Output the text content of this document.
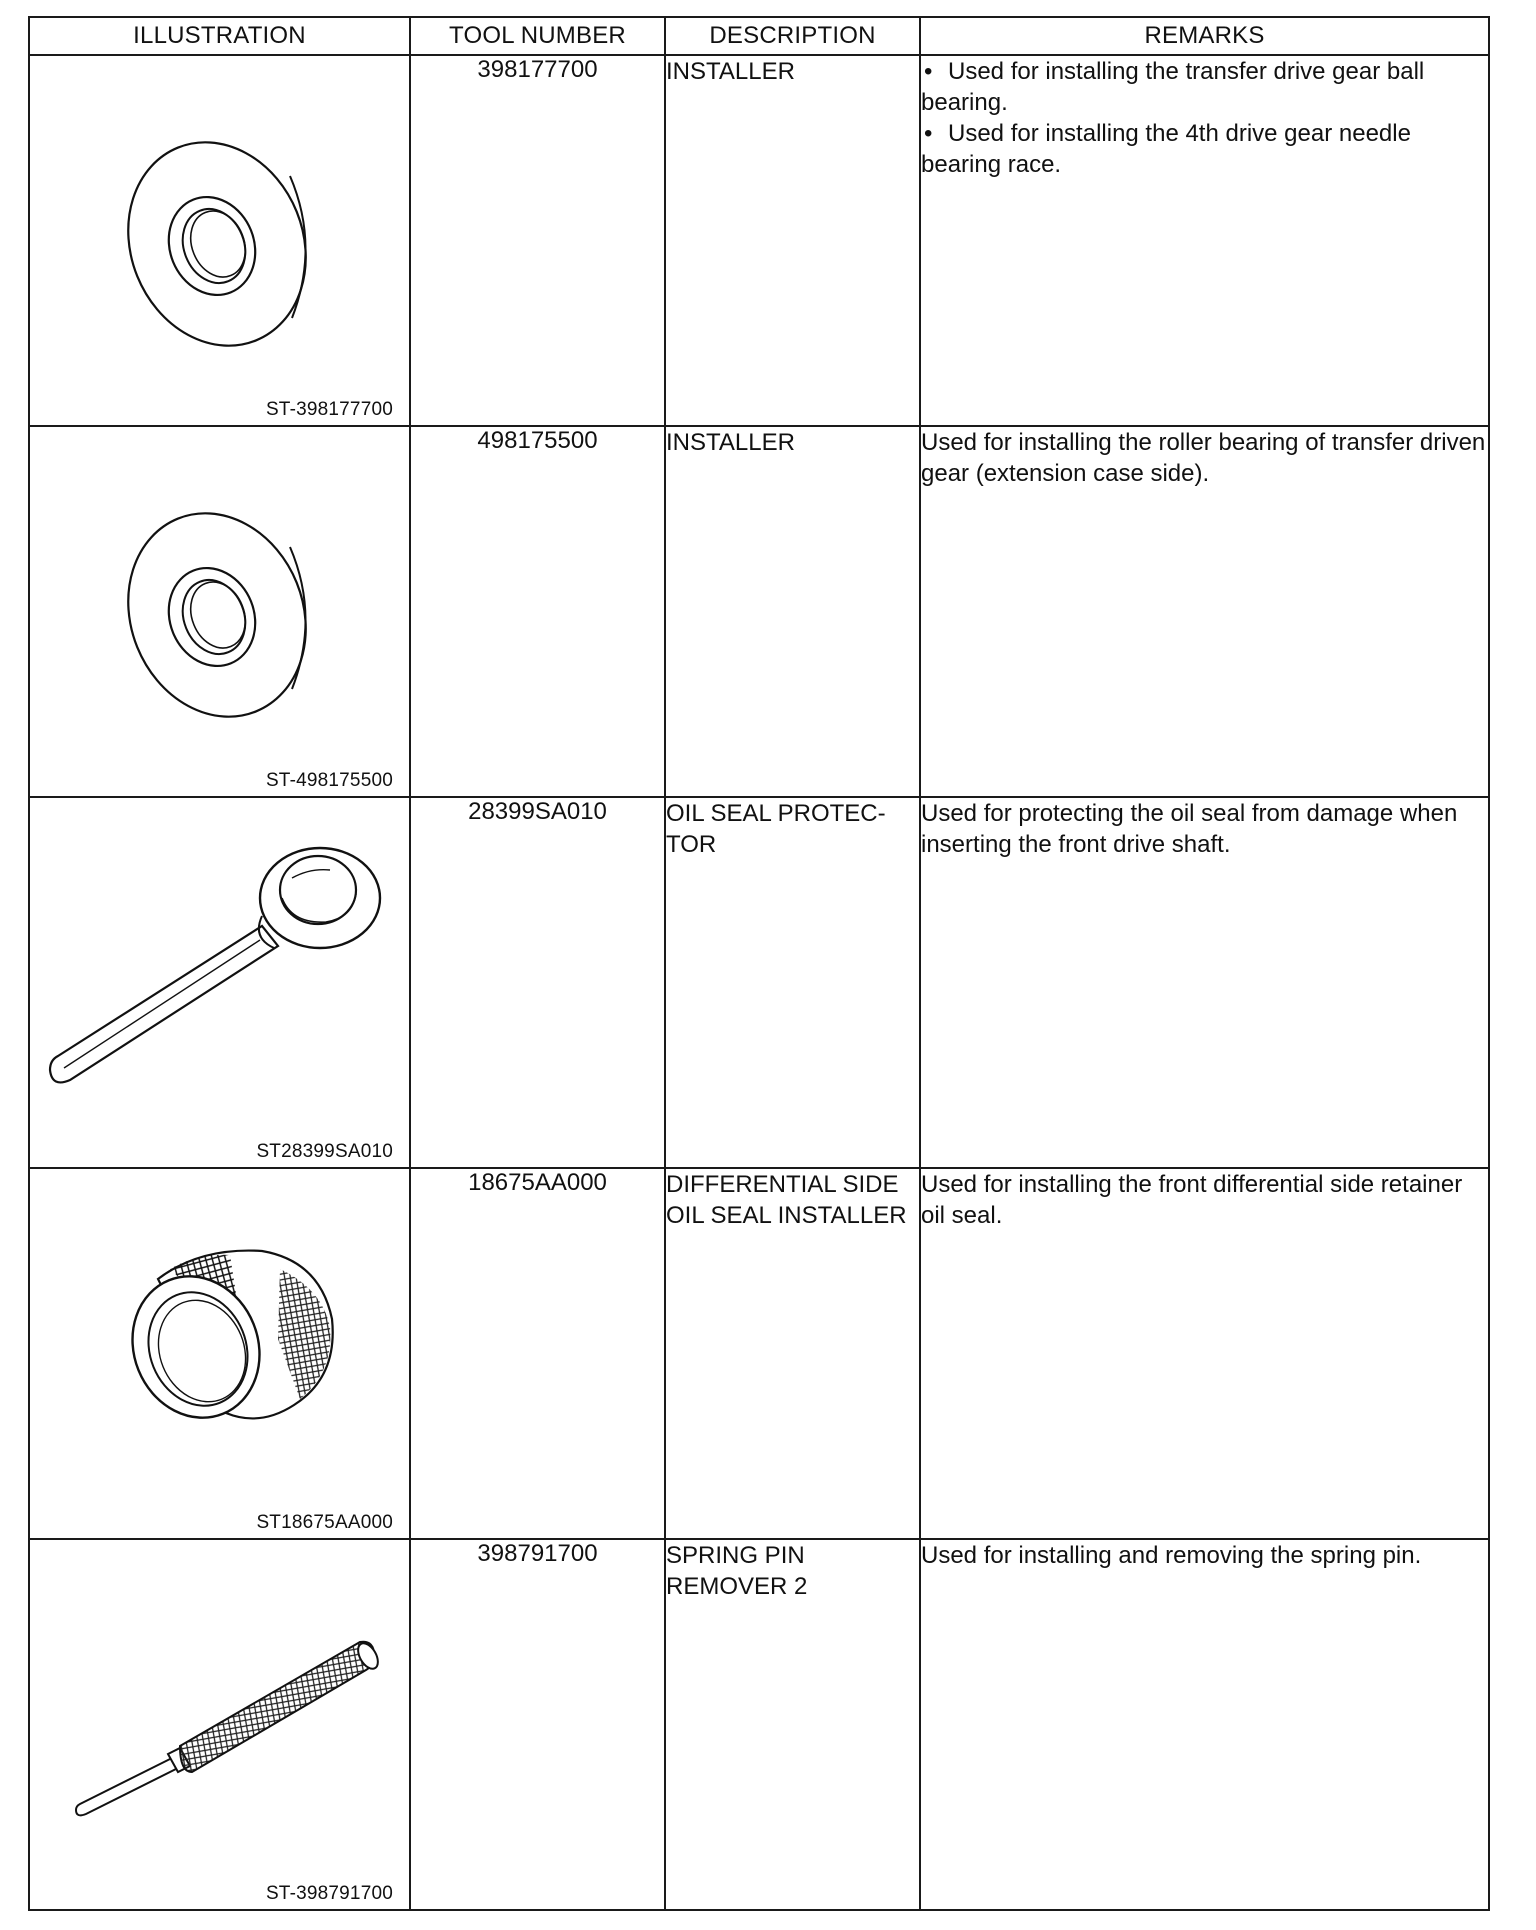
ILLUSTRATION	TOOL NUMBER	DESCRIPTION	REMARKS

ST-398177700	398177700	INSTALLER	• Used for installing the transfer drive gear ball bearing.
• Used for installing the 4th drive gear needle bearing race.

ST-498175500	498175500	INSTALLER	Used for installing the roller bearing of transfer driven gear (extension case side).

ST28399SA010	28399SA010	OIL SEAL PROTEC-TOR	Used for protecting the oil seal from damage when inserting the front drive shaft.

ST18675AA000	18675AA000	DIFFERENTIAL SIDE OIL SEAL INSTALLER	Used for installing the front differential side retainer oil seal.

ST-398791700	398791700	SPRING PIN REMOVER 2	Used for installing and removing the spring pin.
